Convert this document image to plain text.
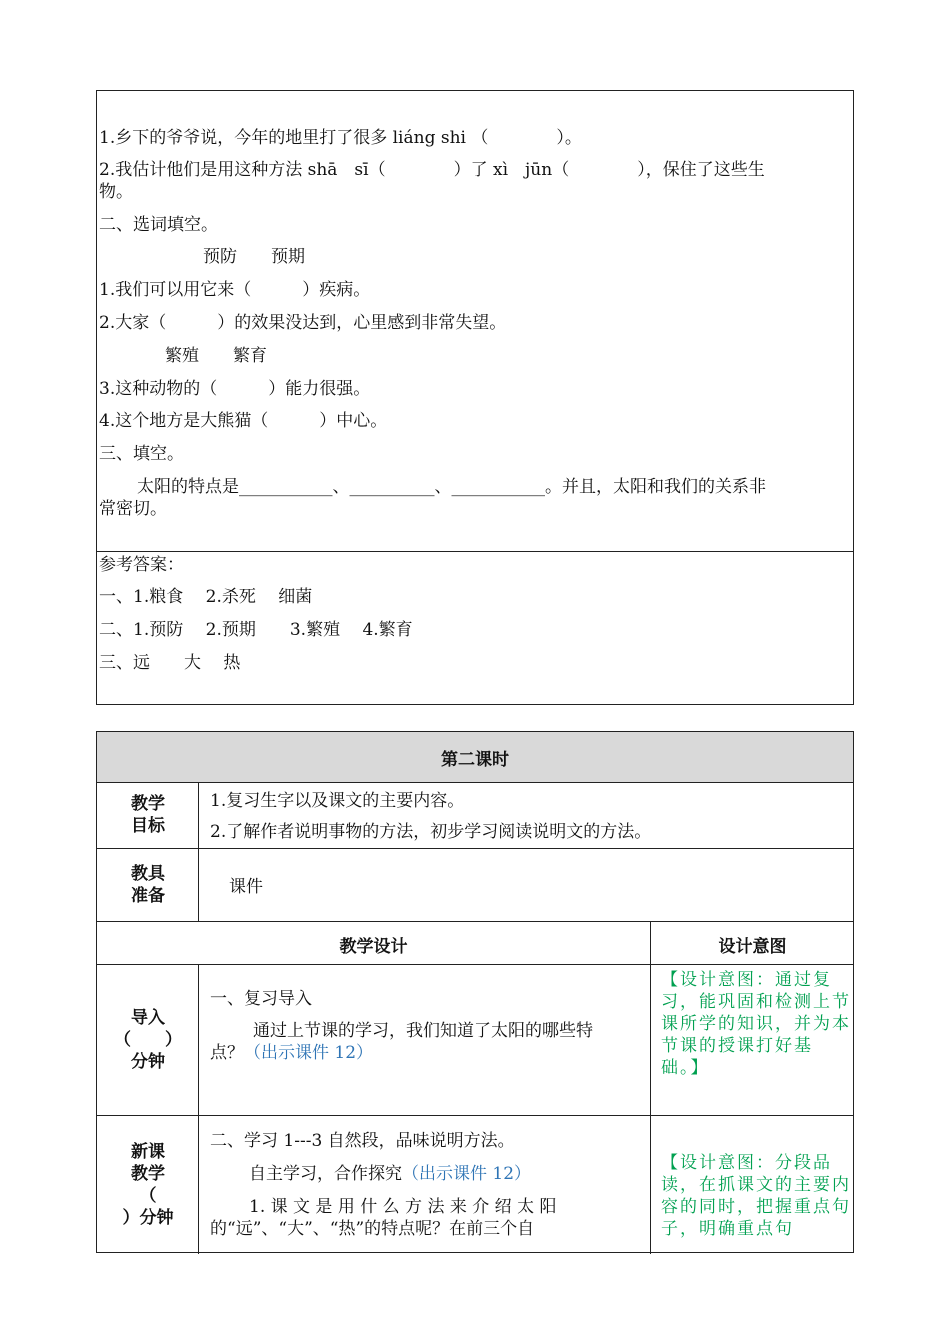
1.乡下的爷爷说，今年的地里打了很多 liáng shi （　　　　）。
2.我估计他们是用这种方法 shā　sī（　　　　）了 xì　jūn（　　　　），保住了这些生
物。
二、选词填空。
预防　　预期
1.我们可以用它来（　　　）疾病。
2.大家（　　　）的效果没达到，心里感到非常失望。
繁殖　　繁育
3.这种动物的（　　　）能力很强。
4.这个地方是大熊猫（　　　）中心。
三、填空。
太阳的特点是___________、__________、___________。并且，太阳和我们的关系非
常密切。
参考答案：
一、1.粮食　 2.杀死　 细菌
二、1.预防　 2.预期　　3.繁殖　 4.繁育
三、远　　大　 热
第二课时
教学
目标
1.复习生字以及课文的主要内容。
2.了解作者说明事物的方法，初步学习阅读说明文的方法。
教具
准备	课件
教学设计	设计意图
导入
（　　）
分钟
一、复习导入
通过上节课的学习，我们知道了太阳的哪些特
点？（出示课件 12）
【设计意图：通过复习，能巩固和检测上节课所学的知识，并为本节课的授课打好基础。】
新课
教学
（
）分钟
二、学习 1---3 自然段，品味说明方法。
自主学习，合作探究（出示课件 12）
1. 课 文 是 用 什 么 方 法 来 介 绍 太 阳
的“远”、“大”、“热”的特点呢？在前三个自
【设计意图：分段品读，在抓课文的主要内容的同时，把握重点句子，明确重点句
